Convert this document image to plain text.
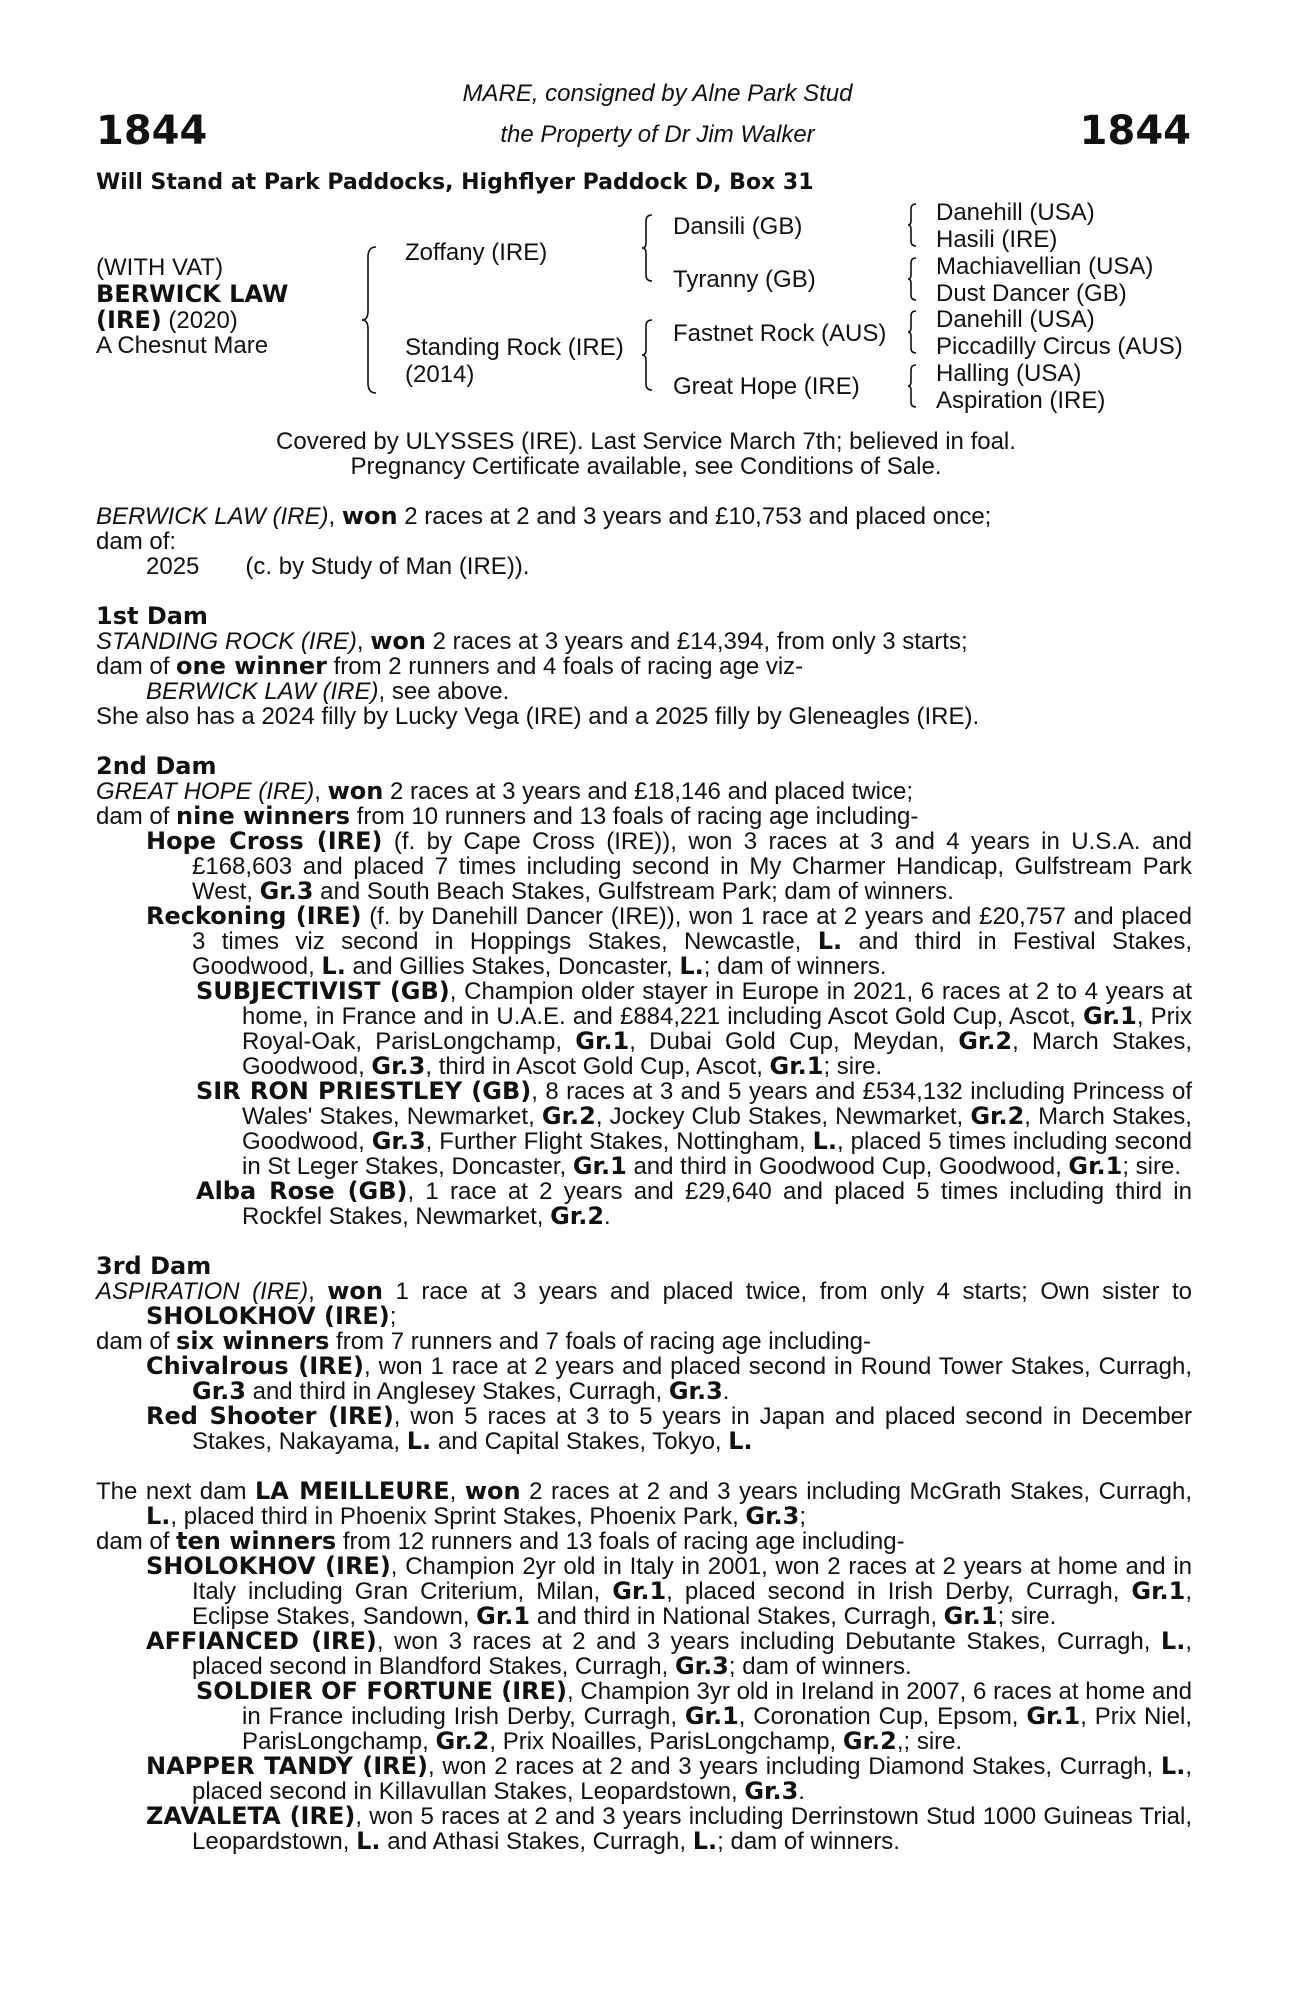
1844	1844
MARE, consigned by Alne Park Stud
the Property of Dr Jim Walker
Will Stand at Park Paddocks, Highflyer Paddock D, Box 31
(WITH VAT)
BERWICK LAW
(IRE) (2020)
A Chesnut Mare
Zoffany (IRE)
Standing Rock (IRE)
(2014)
Dansili (GB)
Tyranny (GB)
Fastnet Rock (AUS)
Great Hope (IRE)
Danehill (USA)
Hasili (IRE)
Machiavellian (USA)
Dust Dancer (GB)
Danehill (USA)
Piccadilly Circus (AUS)
Halling (USA)
Aspiration (IRE)
Covered by ULYSSES (IRE). Last Service March 7th; believed in foal.
Pregnancy Certificate available, see Conditions of Sale.

BERWICK LAW (IRE), won 2 races at 2 and 3 years and £10,753 and placed once;

dam of:

2025 (c. by Study of Man (IRE)).

1st Dam

STANDING ROCK (IRE), won 2 races at 3 years and £14,394, from only 3 starts;

dam of one winner from 2 runners and 4 foals of racing age viz-

BERWICK LAW (IRE), see above.

She also has a 2024 filly by Lucky Vega (IRE) and a 2025 filly by Gleneagles (IRE).

2nd Dam

GREAT HOPE (IRE), won 2 races at 3 years and £18,146 and placed twice;

dam of nine winners from 10 runners and 13 foals of racing age including-

Hope Cross (IRE) (f. by Cape Cross (IRE)), won 3 races at 3 and 4 years in U.S.A. and £168,603 and placed 7 times including second in My Charmer Handicap, Gulfstream Park West, Gr.3 and South Beach Stakes, Gulfstream Park; dam of winners.

Reckoning (IRE) (f. by Danehill Dancer (IRE)), won 1 race at 2 years and £20,757 and placed 3 times viz second in Hoppings Stakes, Newcastle, L. and third in Festival Stakes, Goodwood, L. and Gillies Stakes, Doncaster, L.; dam of winners.

SUBJECTIVIST (GB), Champion older stayer in Europe in 2021, 6 races at 2 to 4 years at home, in France and in U.A.E. and £884,221 including Ascot Gold Cup, Ascot, Gr.1, Prix Royal-Oak, ParisLongchamp, Gr.1, Dubai Gold Cup, Meydan, Gr.2, March Stakes, Goodwood, Gr.3, third in Ascot Gold Cup, Ascot, Gr.1; sire.

SIR RON PRIESTLEY (GB), 8 races at 3 and 5 years and £534,132 including Princess of Wales' Stakes, Newmarket, Gr.2, Jockey Club Stakes, Newmarket, Gr.2, March Stakes, Goodwood, Gr.3, Further Flight Stakes, Nottingham, L., placed 5 times including second in St Leger Stakes, Doncaster, Gr.1 and third in Goodwood Cup, Goodwood, Gr.1; sire.

Alba Rose (GB), 1 race at 2 years and £29,640 and placed 5 times including third in Rockfel Stakes, Newmarket, Gr.2.

3rd Dam

ASPIRATION (IRE), won 1 race at 3 years and placed twice, from only 4 starts; Own sister to SHOLOKHOV (IRE);

dam of six winners from 7 runners and 7 foals of racing age including-

Chivalrous (IRE), won 1 race at 2 years and placed second in Round Tower Stakes, Curragh, Gr.3 and third in Anglesey Stakes, Curragh, Gr.3.

Red Shooter (IRE), won 5 races at 3 to 5 years in Japan and placed second in December Stakes, Nakayama, L. and Capital Stakes, Tokyo, L.

The next dam LA MEILLEURE, won 2 races at 2 and 3 years including McGrath Stakes, Curragh, L., placed third in Phoenix Sprint Stakes, Phoenix Park, Gr.3;

dam of ten winners from 12 runners and 13 foals of racing age including-

SHOLOKHOV (IRE), Champion 2yr old in Italy in 2001, won 2 races at 2 years at home and in Italy including Gran Criterium, Milan, Gr.1, placed second in Irish Derby, Curragh, Gr.1, Eclipse Stakes, Sandown, Gr.1 and third in National Stakes, Curragh, Gr.1; sire.

AFFIANCED (IRE), won 3 races at 2 and 3 years including Debutante Stakes, Curragh, L., placed second in Blandford Stakes, Curragh, Gr.3; dam of winners.

SOLDIER OF FORTUNE (IRE), Champion 3yr old in Ireland in 2007, 6 races at home and in France including Irish Derby, Curragh, Gr.1, Coronation Cup, Epsom, Gr.1, Prix Niel, ParisLongchamp, Gr.2, Prix Noailles, ParisLongchamp, Gr.2,; sire.

NAPPER TANDY (IRE), won 2 races at 2 and 3 years including Diamond Stakes, Curragh, L., placed second in Killavullan Stakes, Leopardstown, Gr.3.

ZAVALETA (IRE), won 5 races at 2 and 3 years including Derrinstown Stud 1000 Guineas Trial, Leopardstown, L. and Athasi Stakes, Curragh, L.; dam of winners.
